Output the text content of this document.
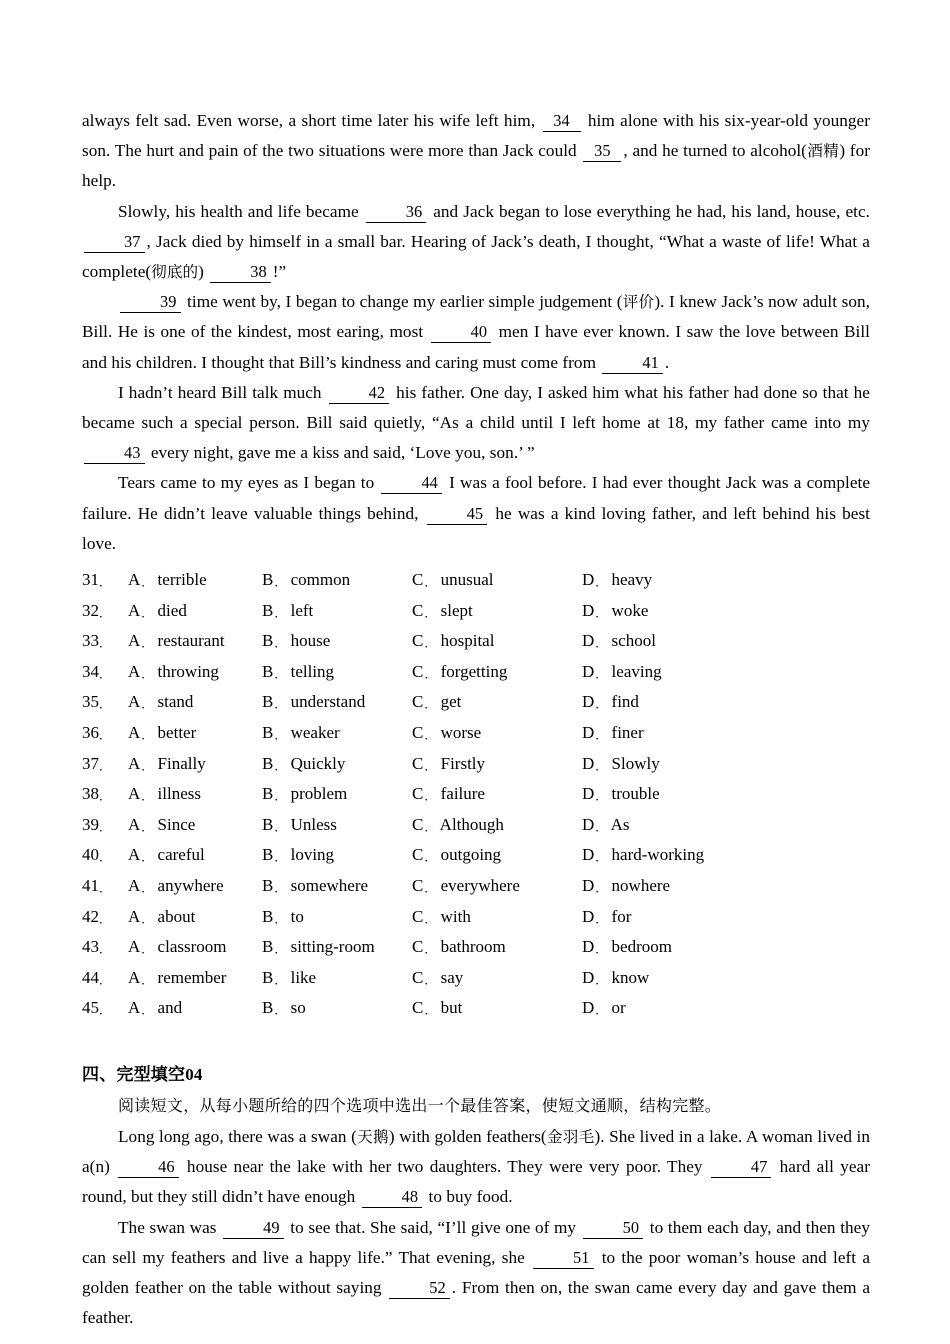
always felt sad. Even worse, a short time later his wife left him, 34 him alone with his six-year-old younger son. The hurt and pain of the two situations were more than Jack could 35 , and he turned to alcohol(酒精) for help.

Slowly, his health and life became	36 and Jack began to lose everything he had, his land, house, etc. 37 , Jack died by himself in a small bar. Hearing of Jack’s death, I thought, “What a waste of life! What a complete(彻底的)	38 !”

39 time went by, I began to change my earlier simple judgement (评价). I knew Jack’s now adult son, Bill. He is one of the kindest, most earing, most	40 men I have ever known. I saw the love between Bill and his children. I thought that Bill’s kindness and caring must come from	41 .

I hadn’t heard Bill talk much	42 his father. One day, I asked him what his father had done so that he became such a special person. Bill said quietly, “As a child until I left home at 18, my father came into my 43 every night, gave me a kiss and said, ‘Love you, son.’ ”

Tears came to my eyes as I began to	44 I was a fool before. I had ever thought Jack was a complete failure. He didn’t leave valuable things behind,	45 he was a kind loving father, and left behind his best love.

31． A． terrible	B． common	C． unusual	D． heavy
32． A． died	B． left	C． slept	D． woke
33． A． restaurant B． house	C． hospital	D． school
34． A． throwing	B． telling	C． forgetting	D． leaving
35． A． stand	B． understand	C． get	D． find
36． A． better	B． weaker	C． worse	D． finer
37． A． Finally	B． Quickly	C． Firstly	D． Slowly
38． A． illness	B． problem	C． failure	D． trouble
39． A． Since	B． Unless	C． Although	D． As
40． A． careful	B． loving	C． outgoing	D． hard-working
41． A． anywhere B． somewhere	C． everywhere	D． nowhere
42． A． about	B． to	C． with	D． for
43． A． classroom B． sitting-room C． bathroom	D． bedroom
44． A． remember B． like	C． say	D． know
45． A． and	B． so	C． but	D． or
四、完型填空04
阅读短文，从每小题所给的四个选项中选出一个最佳答案，使短文通顺，结构完整。

Long long ago, there was a swan (天鹅) with golden feathers(金羽毛). She lived in a lake. A woman lived in a(n)	46 house near the lake with her two daughters. They were very poor. They	47 hard all year round, but they still didn’t have enough	48 to buy food.

The swan was	49 to see that. She said, “I’ll give one of my	50 to them each day, and then they can sell my feathers and live a happy life.” That evening, she	51 to the poor woman’s house and left a golden feather on the table without saying	52 . From then on, the swan came every day and gave them a feather.
